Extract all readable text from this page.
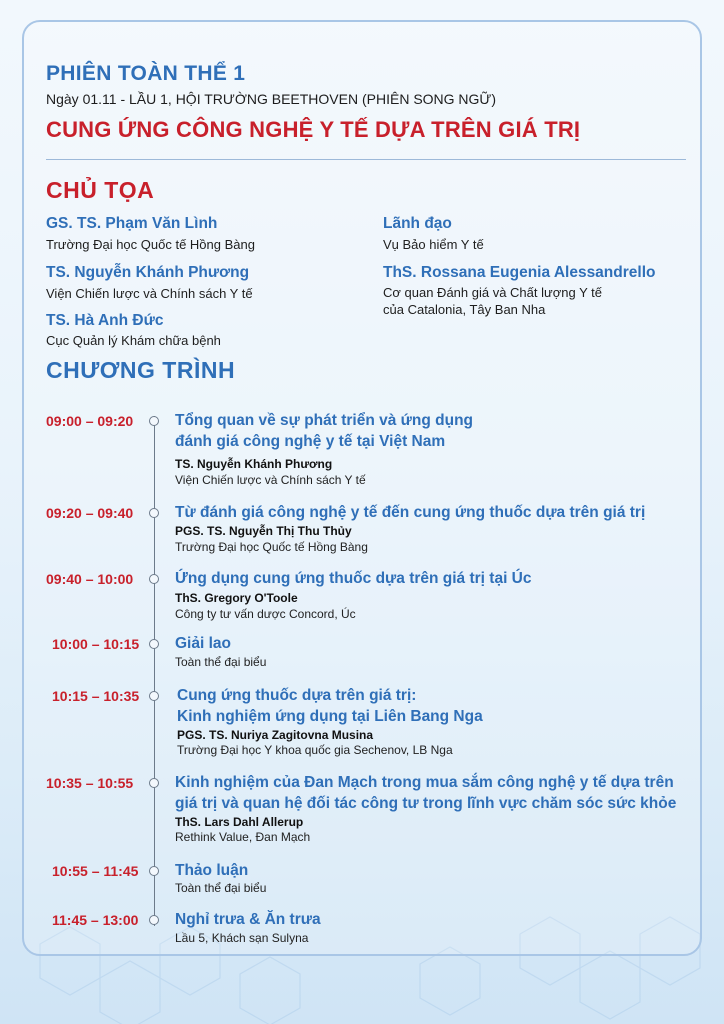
PHIÊN TOÀN THỂ 1
Ngày 01.11 - LẦU 1, HỘI TRƯỜNG BEETHOVEN (PHIÊN SONG NGỮ)
CUNG ỨNG CÔNG NGHỆ Y TẾ DỰA TRÊN GIÁ TRỊ
CHỦ TỌA
GS. TS. Phạm Văn Lình
Trường Đại học Quốc tế Hồng Bàng
TS. Nguyễn Khánh Phương
Viện Chiến lược và Chính sách Y tế
TS. Hà Anh Đức
Cục Quản lý Khám chữa bệnh
Lãnh đạo
Vụ Bảo hiểm Y tế
ThS. Rossana Eugenia Alessandrello
Cơ quan Đánh giá và Chất lượng Y tế
của Catalonia, Tây Ban Nha
CHƯƠNG TRÌNH
09:00 – 09:20	Tổng quan về sự phát triển và ứng dụng
đánh giá công nghệ y tế tại Việt Nam
TS. Nguyễn Khánh Phương
Viện Chiến lược và Chính sách Y tế
09:20 – 09:40	Từ đánh giá công nghệ y tế đến cung ứng thuốc dựa trên giá trị
PGS. TS. Nguyễn Thị Thu Thủy
Trường Đại học Quốc tế Hồng Bàng
09:40 – 10:00	Ứng dụng cung ứng thuốc dựa trên giá trị tại Úc
ThS. Gregory O'Toole
Công ty tư vấn dược Concord, Úc
10:00 – 10:15 Giải lao
Toàn thể đại biểu
10:15 – 10:35 Cung ứng thuốc dựa trên giá trị:
Kinh nghiệm ứng dụng tại Liên Bang Nga
PGS. TS. Nuriya Zagitovna Musina
Trường Đại học Y khoa quốc gia Sechenov, LB Nga
10:35 – 10:55	Kinh nghiệm của Đan Mạch trong mua sắm công nghệ y tế dựa trên
giá trị và quan hệ đối tác công tư trong lĩnh vực chăm sóc sức khỏe
ThS. Lars Dahl Allerup
Rethink Value, Đan Mạch
10:55 – 11:45 Thảo luận
Toàn thể đại biểu
11:45 – 13:00 Nghỉ trưa & Ăn trưa
Lầu 5, Khách sạn Sulyna
